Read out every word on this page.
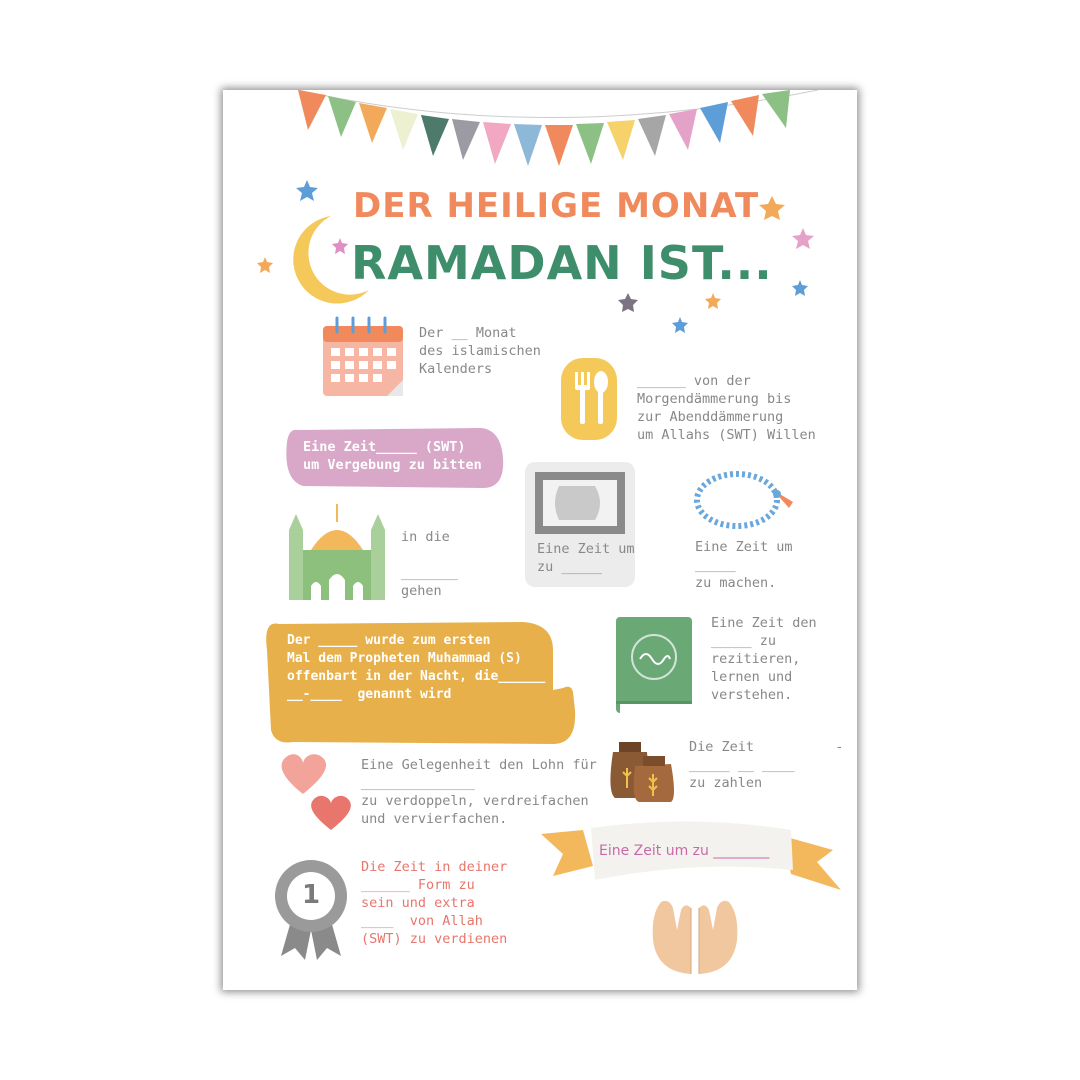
DER HEILIGE MONAT
RAMADAN IST...
Der __ Monat
des islamischen
Kalenders
______ von der
Morgendämmerung bis
zur Abenddämmerung
um Allahs (SWT) Willen
Eine Zeit_____ (SWT)
um Vergebung zu bitten
in die

_______
gehen
Eine Zeit um
zu _____
Eine Zeit um
_____
zu machen.
Der _____ wurde zum ersten
Mal dem Propheten Muhammad (S)
offenbart in der Nacht, die______
__-____  genannt wird
Eine Zeit den
_____ zu
rezitieren,
lernen und
verstehen.
Eine Gelegenheit den Lohn für
______________
zu verdoppeln, verdreifachen
und vervierfachen.
Die Zeit          -
_____ __ ____
zu zahlen
Eine Zeit um zu ________
Die Zeit in deiner
______ Form zu
sein und extra
____  von Allah
(SWT) zu verdienen
1
